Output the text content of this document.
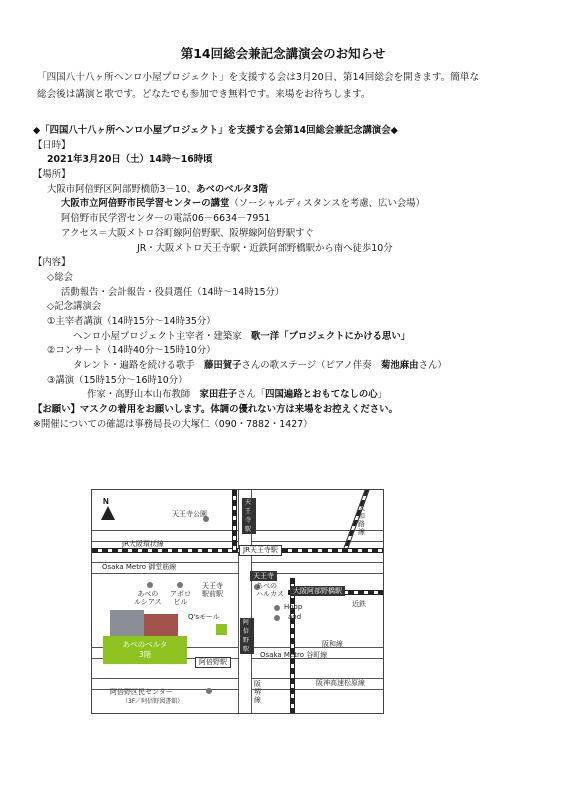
第14回総会兼記念講演会のお知らせ
「四国八十八ヶ所ヘンロ小屋プロジェクト」を支援する会は3月20日、第14回総会を開きます。簡単な
総会後は講演と歌です。どなたでも参加でき無料です。来場をお待ちします。
◆「四国八十八ヶ所ヘンロ小屋プロジェクト」を支援する会第14回総会兼記念講演会◆
【日時】
2021年3月20日（土）14時～16時頃
【場所】
大阪市阿倍野区阿部野橋筋3－10、あべのベルタ3階
大阪市立阿倍野市民学習センターの講堂（ソーシャルディスタンスを考慮、広い会場）
阿倍野市民学習センターの電話06－6634－7951
アクセス＝大阪メトロ谷町線阿倍野駅、阪堺線阿倍野駅すぐ
JR・大阪メトロ天王寺駅・近鉄阿部野橋駅から南へ徒歩10分
【内容】
◇総会
活動報告・会計報告・役員選任（14時～14時15分）
◇記念講演会
①主宰者講演（14時15分～14時35分）
ヘンロ小屋プロジェクト主宰者・建築家　歌一洋「プロジェクトにかける思い」
②コンサート（14時40分～15時10分）
タレント・遍路を続ける歌手　藤田賀子さんの歌ステージ（ピアノ伴奏　菊池麻由さん）
③講演（15時15分～16時10分）
作家・高野山本山布教師　家田荘子さん「四国遍路とおもてなしの心」
【お願い】マスクの着用をお願いします。体調の優れない方は来場をお控えください。
※開催についての確認は事務局長の大塚仁（090・7882・1427）
N
天王寺公園
天王寺駅
大和路線
JR大阪環状線
JR天王寺駅
Osaka Metro 御堂筋線
天王寺
あべの
ルシアス
アポロ
ビル
天王寺
駅前駅
あべの
ハルカス	大阪阿部野橋駅
近鉄
Hoop
and
Q'sモール
阿倍野駅
あべのベルタ
3階
阿倍野駅
Osaka Metro 谷町線
阿倍野区民センター
（3F／阿倍野図書館）
阪堺線
阪和線
阪神高速松原線
